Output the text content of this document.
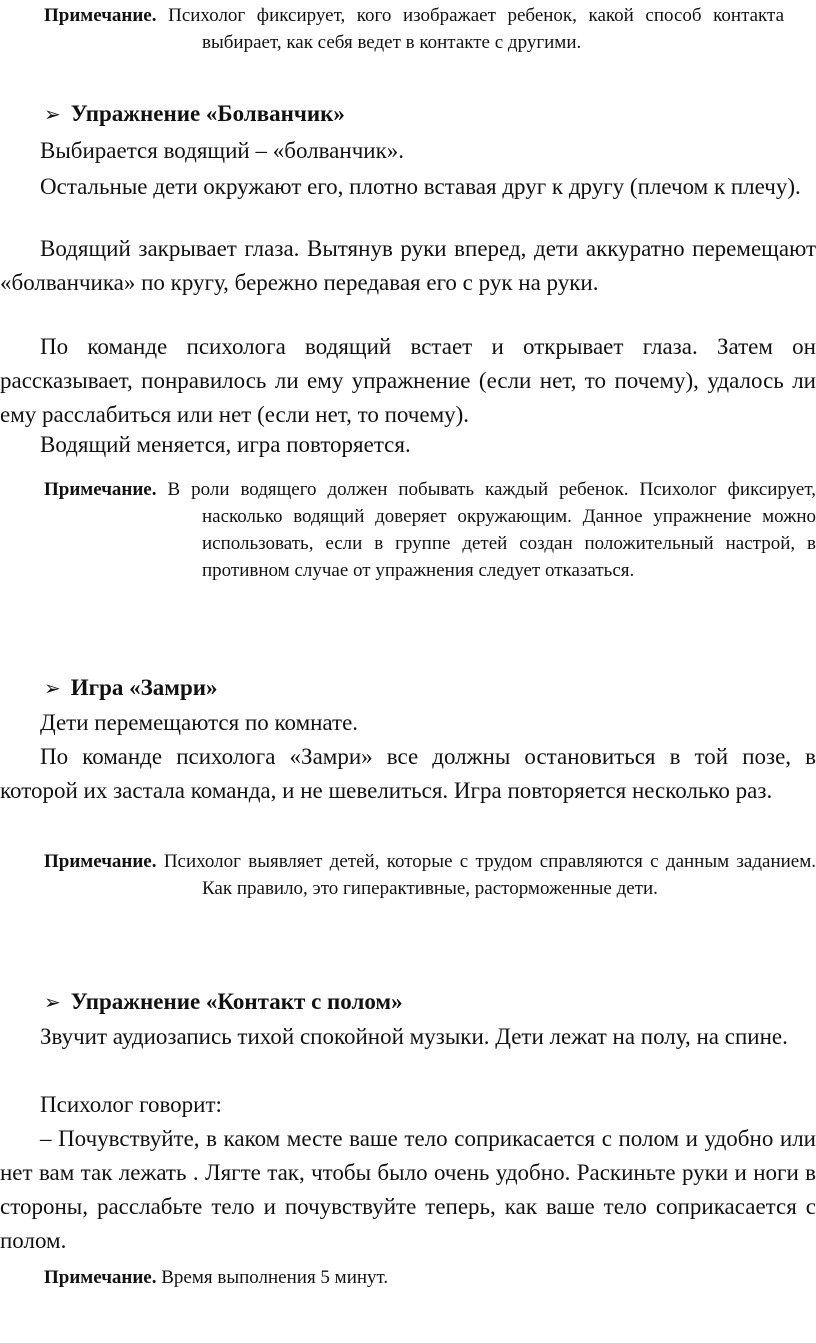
Примечание. Психолог фиксирует, кого изображает ребенок, какой способ контакта выбирает, как себя ведет в контакте с другими.
➢ Упражнение «Болванчик»
Выбирается водящий – «болванчик».
Остальные дети окружают его, плотно вставая друг к другу (плечом к плечу).
Водящий закрывает глаза. Вытянув руки вперед, дети аккуратно перемещают «болванчика» по кругу, бережно передавая его с рук на руки.
По команде психолога водящий встает и открывает глаза. Затем он рассказывает, понравилось ли ему упражнение (если нет, то почему), удалось ли ему расслабиться или нет (если нет, то почему).
Водящий меняется, игра повторяется.
Примечание. В роли водящего должен побывать каждый ребенок. Психолог фиксирует, насколько водящий доверяет окружающим. Данное упражнение можно использовать, если в группе детей создан положительный настрой, в противном случае от упражнения следует отказаться.
➢ Игра «Замри»
Дети перемещаются по комнате.
По команде психолога «Замри» все должны остановиться в той позе, в которой их застала команда, и не шевелиться. Игра повторяется несколько раз.
Примечание. Психолог выявляет детей, которые с трудом справляются с данным заданием. Как правило, это гиперактивные, расторможенные дети.
➢ Упражнение «Контакт с полом»
Звучит аудиозапись тихой спокойной музыки. Дети лежат на полу, на спине.
Психолог говорит:
– Почувствуйте, в каком месте ваше тело соприкасается с полом и удобно или нет вам так лежать . Лягте так, чтобы было очень удобно. Раскиньте руки и ноги в стороны, расслабьте тело и почувствуйте теперь, как ваше тело соприкасается с полом.
Примечание. Время выполнения 5 минут.
